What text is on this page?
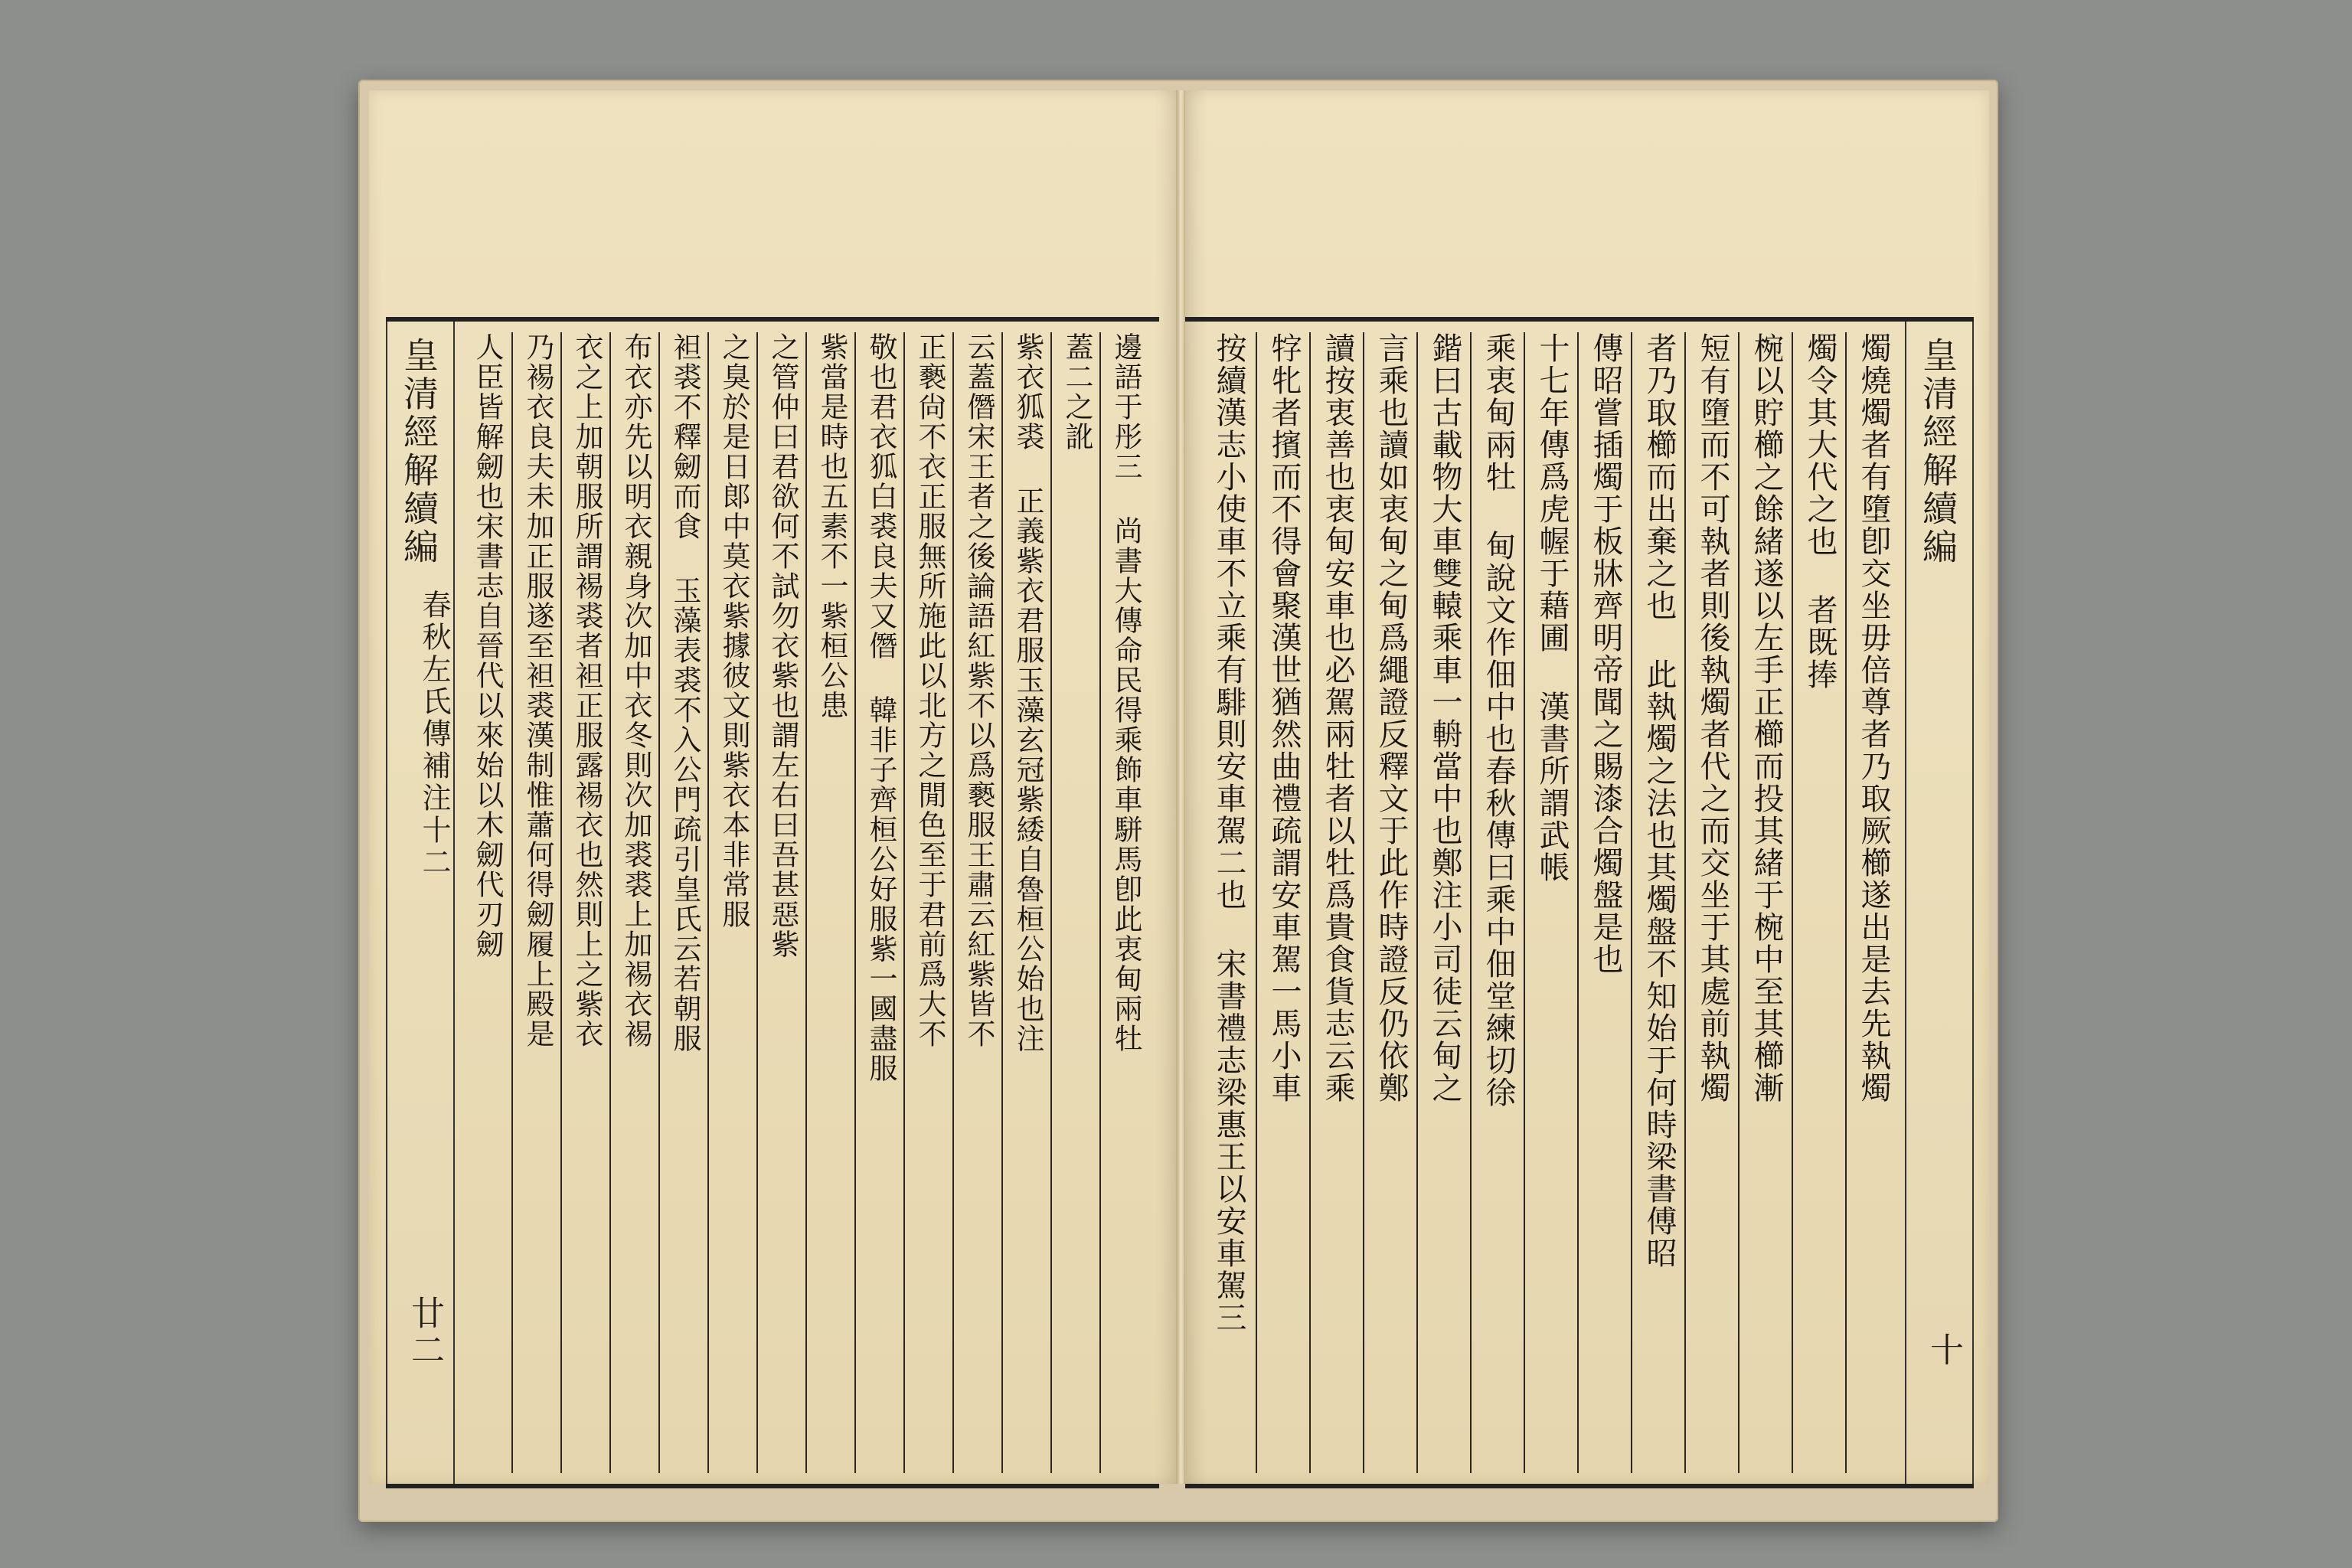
皇清經解續編
春秋左氏傳補注十二
廿二
邊語于彤三 尚書大傳命民得乘飾車駢馬卽此衷甸兩牡
蓋二之訛
紫衣狐裘 正義紫衣君服玉藻玄冠紫緌自魯桓公始也注
云蓋僭宋王者之後論語紅紫不以爲褻服王肅云紅紫皆不
正褻尙不衣正服無所施此以北方之閒色至于君前爲大不
敬也君衣狐白裘良夫又僭 韓非子齊桓公好服紫一國盡服
紫當是時也五素不一紫桓公患
之管仲曰君欲何不試勿衣紫也謂左右曰吾甚惡紫
之臭於是日郞中莫衣紫據彼文則紫衣本非常服
袒裘不釋劒而食 玉藻表裘不入公門疏引皇氏云若朝服
布衣亦先以明衣親身次加中衣冬則次加裘裘上加裼衣裼
衣之上加朝服所謂裼裘者袒正服露裼衣也然則上之紫衣
乃裼衣良夫未加正服遂至袒裘漢制惟蕭何得劒履上殿是
人臣皆解劒也宋書志自晉代以來始以木劒代刃劒	皇清經解續編
十
燭燒燭者有墮卽交坐毋倍尊者乃取厥櫛遂出是去先執燭
燭令其大代之也 者既捧
椀以貯櫛之餘緒遂以左手正櫛而投其緒于椀中至其櫛漸
短有墮而不可執者則後執燭者代之而交坐于其處前執燭
者乃取櫛而出棄之也 此執燭之法也其燭盤不知始于何時梁書傅昭
傳昭嘗插燭于板牀齊明帝聞之賜漆合燭盤是也
十七年傳爲虎幄于藉圃 漢書所謂武帳
乘衷甸兩牡 甸說文作佃中也春秋傳曰乘中佃堂練切徐
鍇曰古載物大車雙轅乘車一輈當中也鄭注小司徒云甸之
言乘也讀如衷甸之甸爲繩證反釋文于此作時證反仍依鄭
讀按衷善也衷甸安車也必駕兩牡者以牡爲貴食貨志云乘
牸牝者擯而不得會聚漢世猶然曲禮疏謂安車駕一馬小車
按續漢志小使車不立乘有騑則安車駕二也 宋書禮志梁惠王以安車駕三
